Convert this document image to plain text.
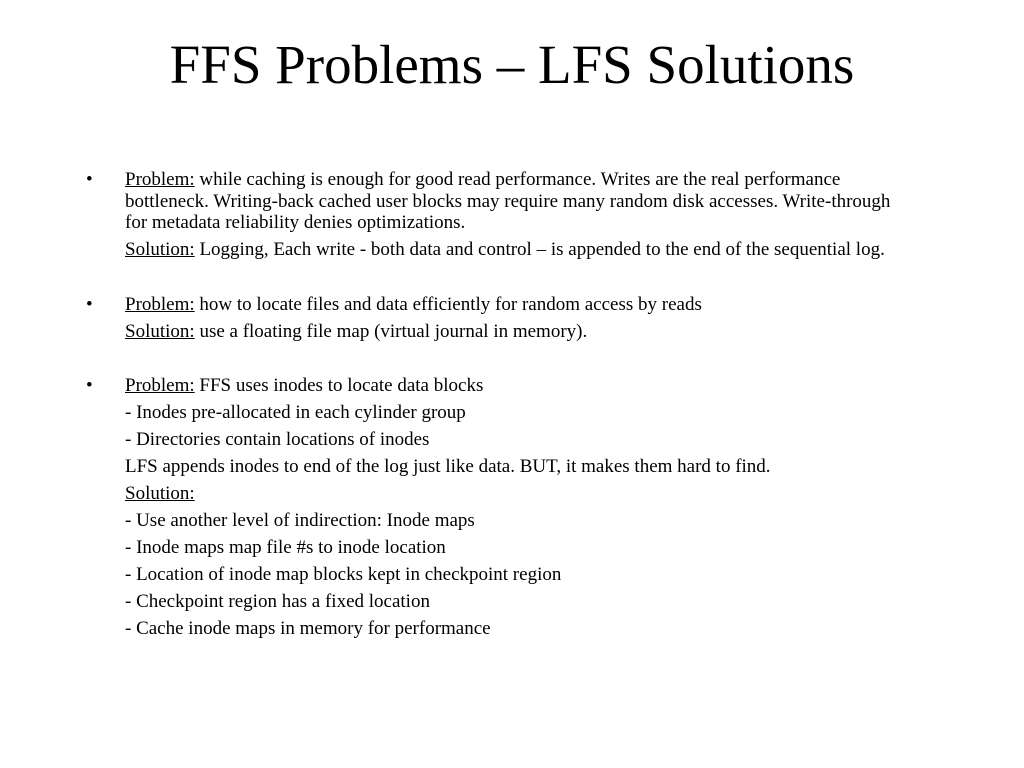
FFS Problems – LFS Solutions
• Problem: while caching is enough for good read performance. Writes are the real performance bottleneck. Writing-back cached user blocks may require many random disk accesses. Write-through for metadata reliability denies optimizations.

Solution: Logging, Each write - both data and control – is appended to the end of the sequential log.

• Problem: how to locate files and data efficiently for random access by reads

Solution: use a floating file map (virtual journal in memory).

• Problem: FFS uses inodes to locate data blocks

- Inodes pre-allocated in each cylinder group

- Directories contain locations of inodes

LFS appends inodes to end of the log just like data. BUT, it makes them hard to find.

Solution:

- Use another level of indirection: Inode maps

- Inode maps map file #s to inode location

- Location of inode map blocks kept in checkpoint region

- Checkpoint region has a fixed location

- Cache inode maps in memory for performance
